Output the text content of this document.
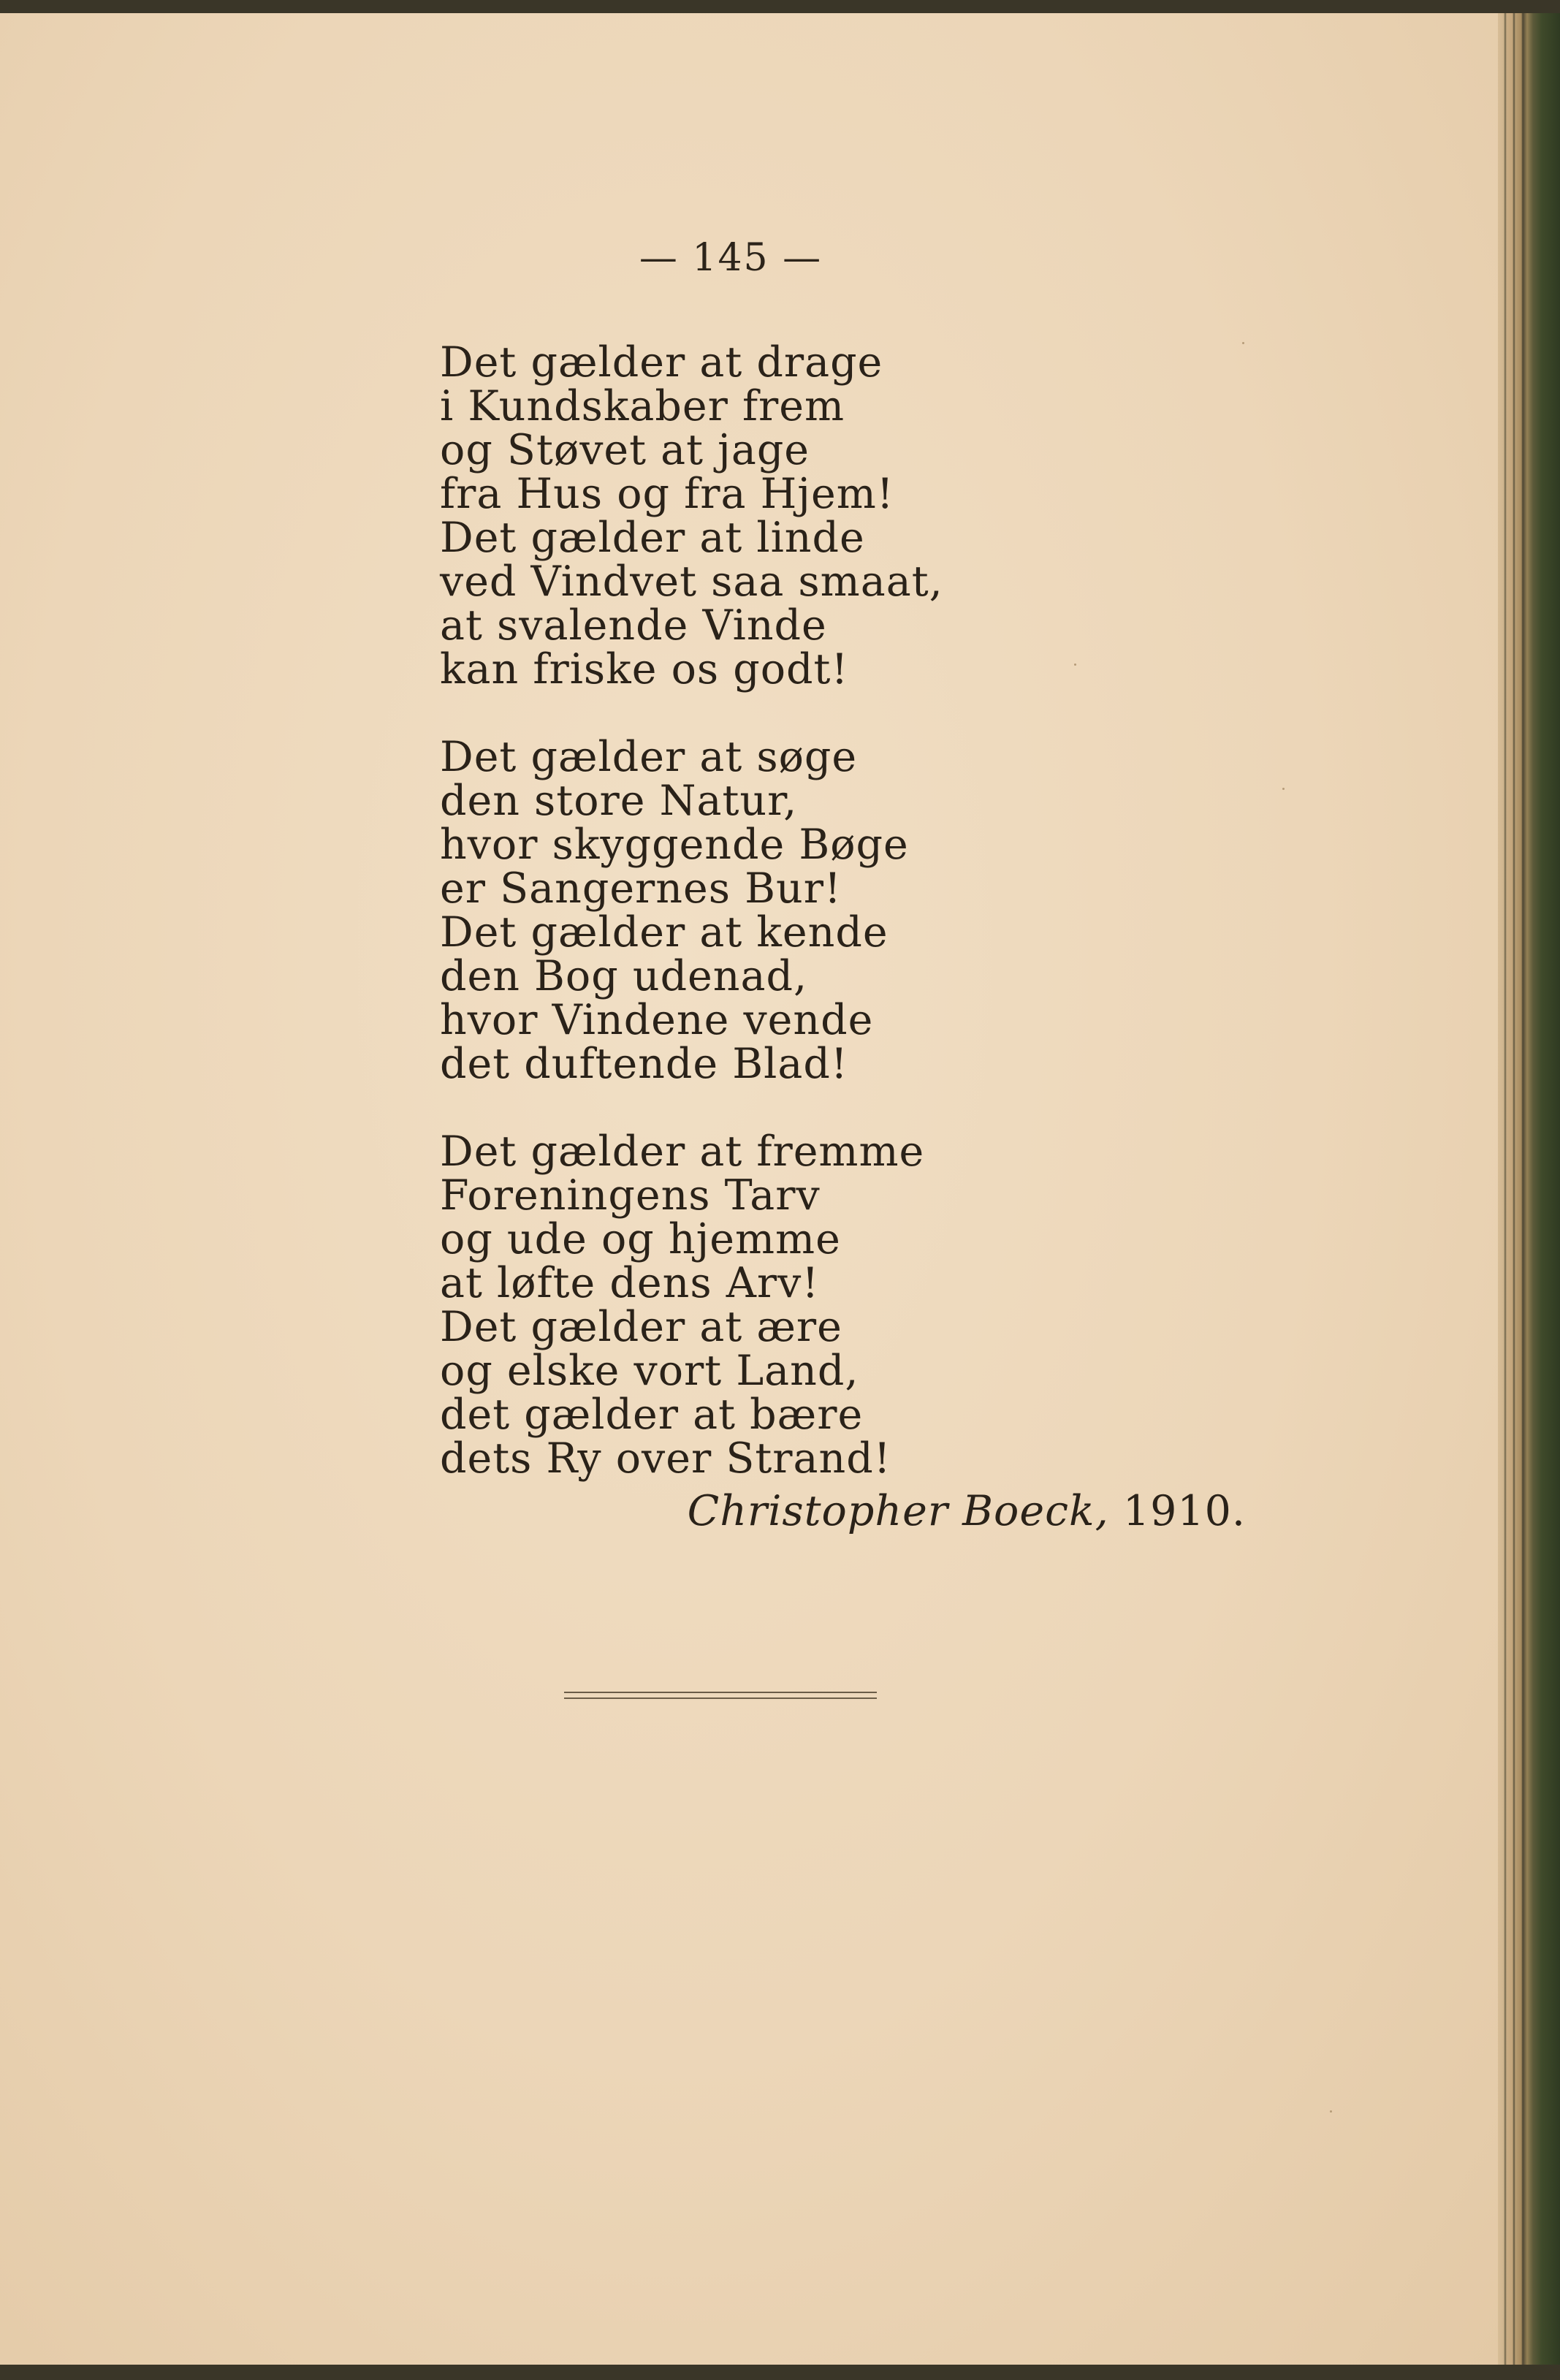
— 145 —
Det gælder at drage
i Kundskaber frem
og Støvet at jage
fra Hus og fra Hjem!
Det gælder at linde
ved Vindvet saa smaat,
at svalende Vinde
kan friske os godt!
Det gælder at søge
den store Natur,
hvor skyggende Bøge
er Sangernes Bur!
Det gælder at kende
den Bog udenad,
hvor Vindene vende
det duftende Blad!
Det gælder at fremme
Foreningens Tarv
og ude og hjemme
at løfte dens Arv!
Det gælder at ære
og elske vort Land,
det gælder at bære
dets Ry over Strand!
Christopher Boeck, 1910.
